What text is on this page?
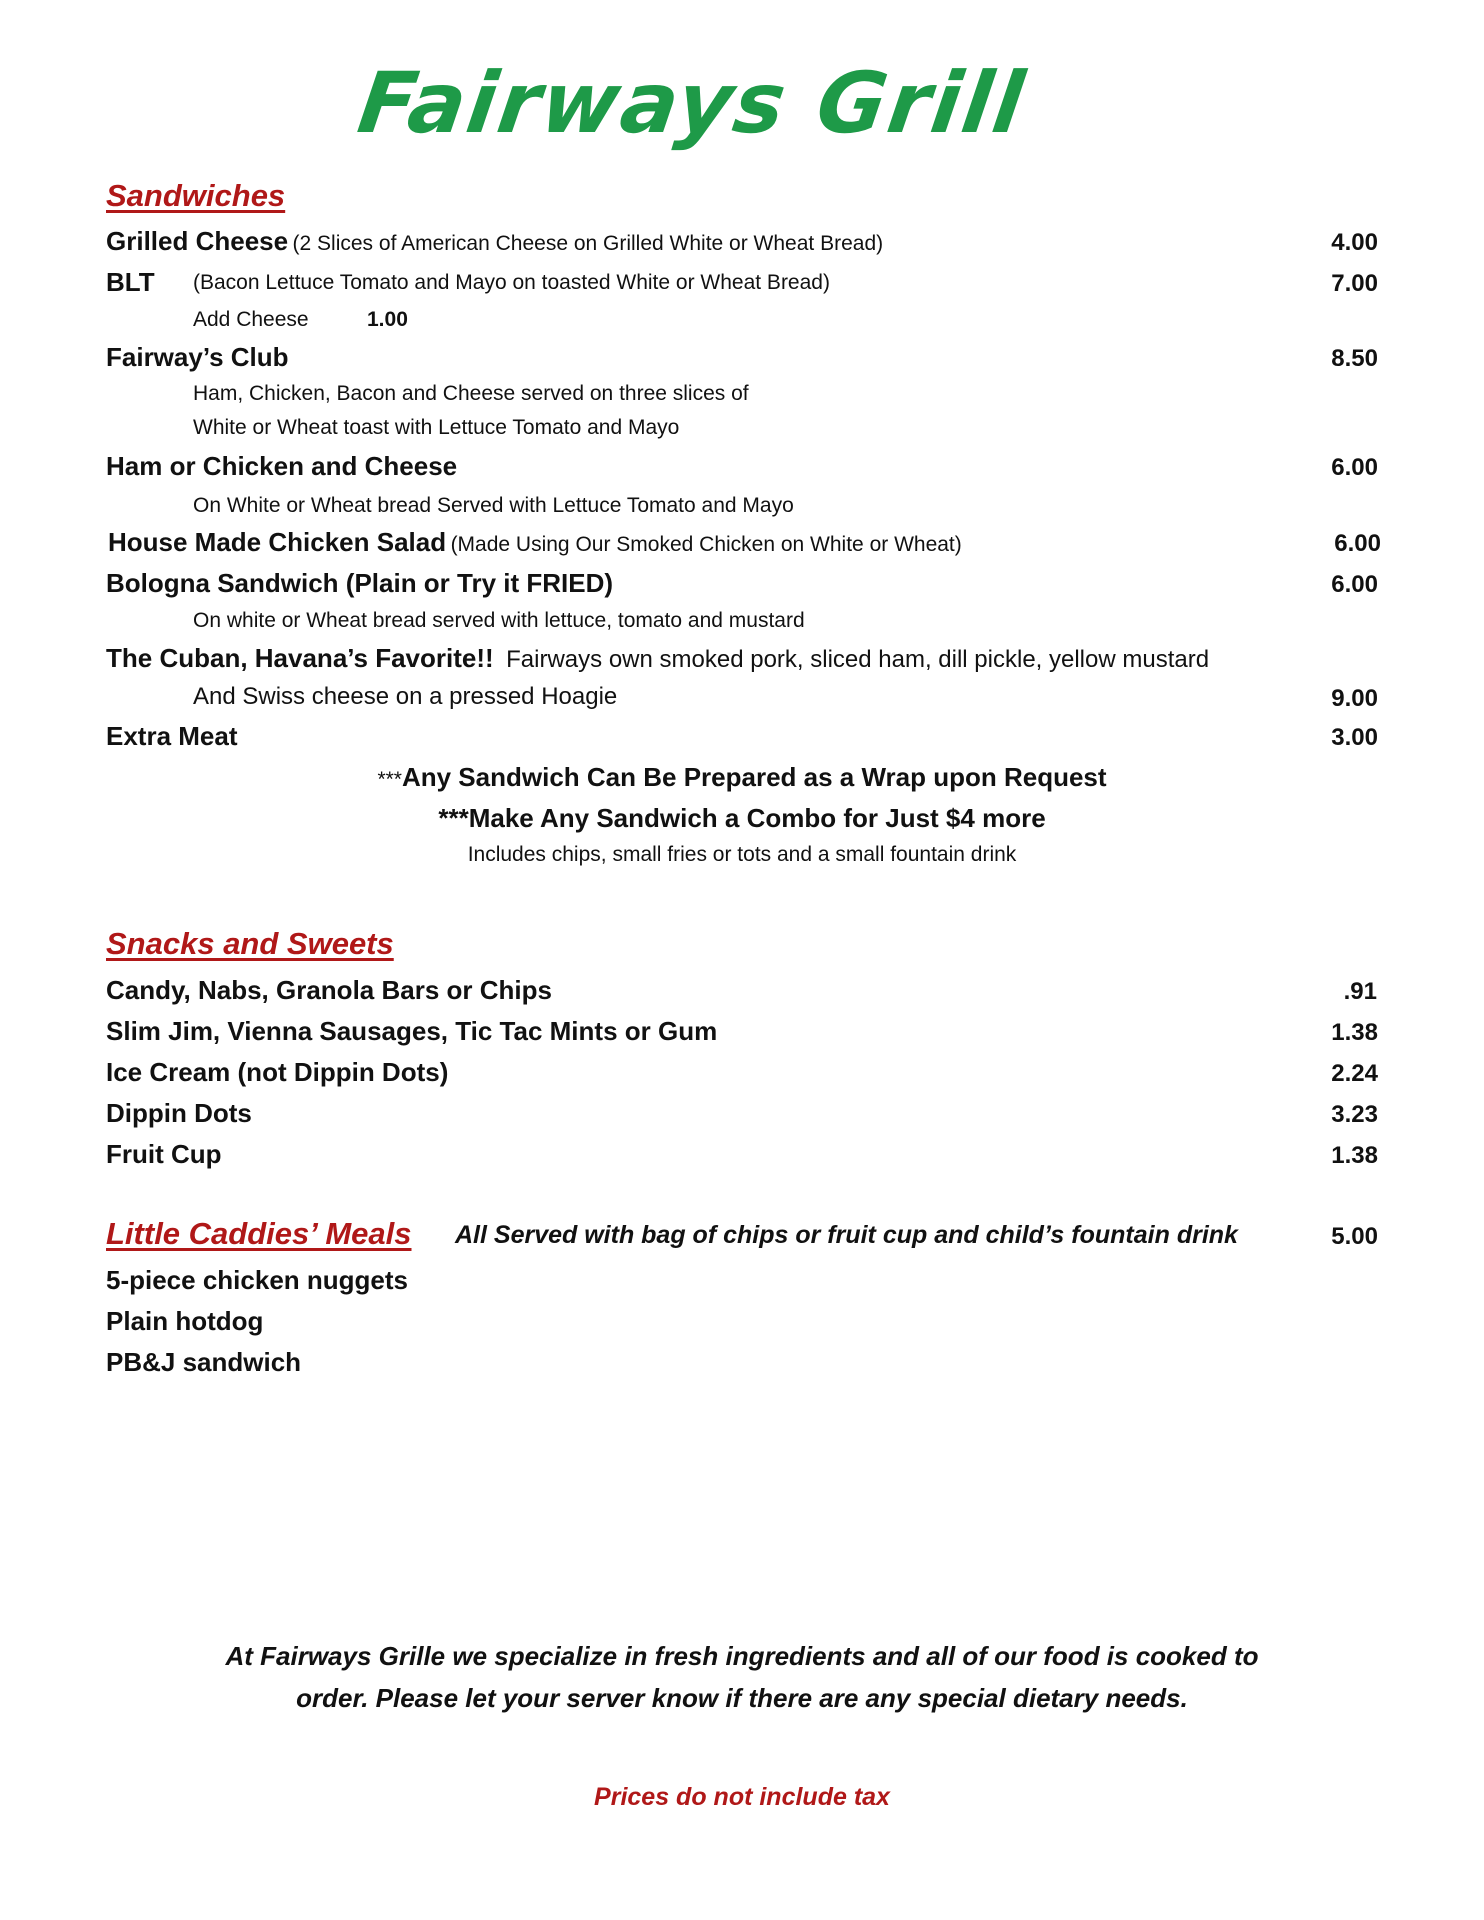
Fairways Grill
Sandwiches
Grilled Cheese (2 Slices of American Cheese on Grilled White or Wheat Bread)	4.00
BLT (Bacon Lettuce Tomato and Mayo on toasted White or Wheat Bread)	7.00
Add Cheese	1.00
Fairway’s Club	8.50
Ham, Chicken, Bacon and Cheese served on three slices of
White or Wheat toast with Lettuce Tomato and Mayo
Ham or Chicken and Cheese	6.00
On White or Wheat bread Served with Lettuce Tomato and Mayo
House Made Chicken Salad (Made Using Our Smoked Chicken on White or Wheat)	6.00
Bologna Sandwich (Plain or Try it FRIED)	6.00
On white or Wheat bread served with lettuce, tomato and mustard
The Cuban, Havana’s Favorite!! Fairways own smoked pork, sliced ham, dill pickle, yellow mustard
And Swiss cheese on a pressed Hoagie	9.00
Extra Meat	3.00
***Any Sandwich Can Be Prepared as a Wrap upon Request
***Make Any Sandwich a Combo for Just $4 more
Includes chips, small fries or tots and a small fountain drink
Snacks and Sweets
Candy, Nabs, Granola Bars or Chips	.91
Slim Jim, Vienna Sausages, Tic Tac Mints or Gum	1.38
Ice Cream (not Dippin Dots)	2.24
Dippin Dots	3.23
Fruit Cup	1.38
Little Caddies’ Meals All Served with bag of chips or fruit cup and child’s fountain drink	5.00
5-piece chicken nuggets
Plain hotdog
PB&J sandwich
At Fairways Grille we specialize in fresh ingredients and all of our food is cooked to order. Please let your server know if there are any special dietary needs.
Prices do not include tax
